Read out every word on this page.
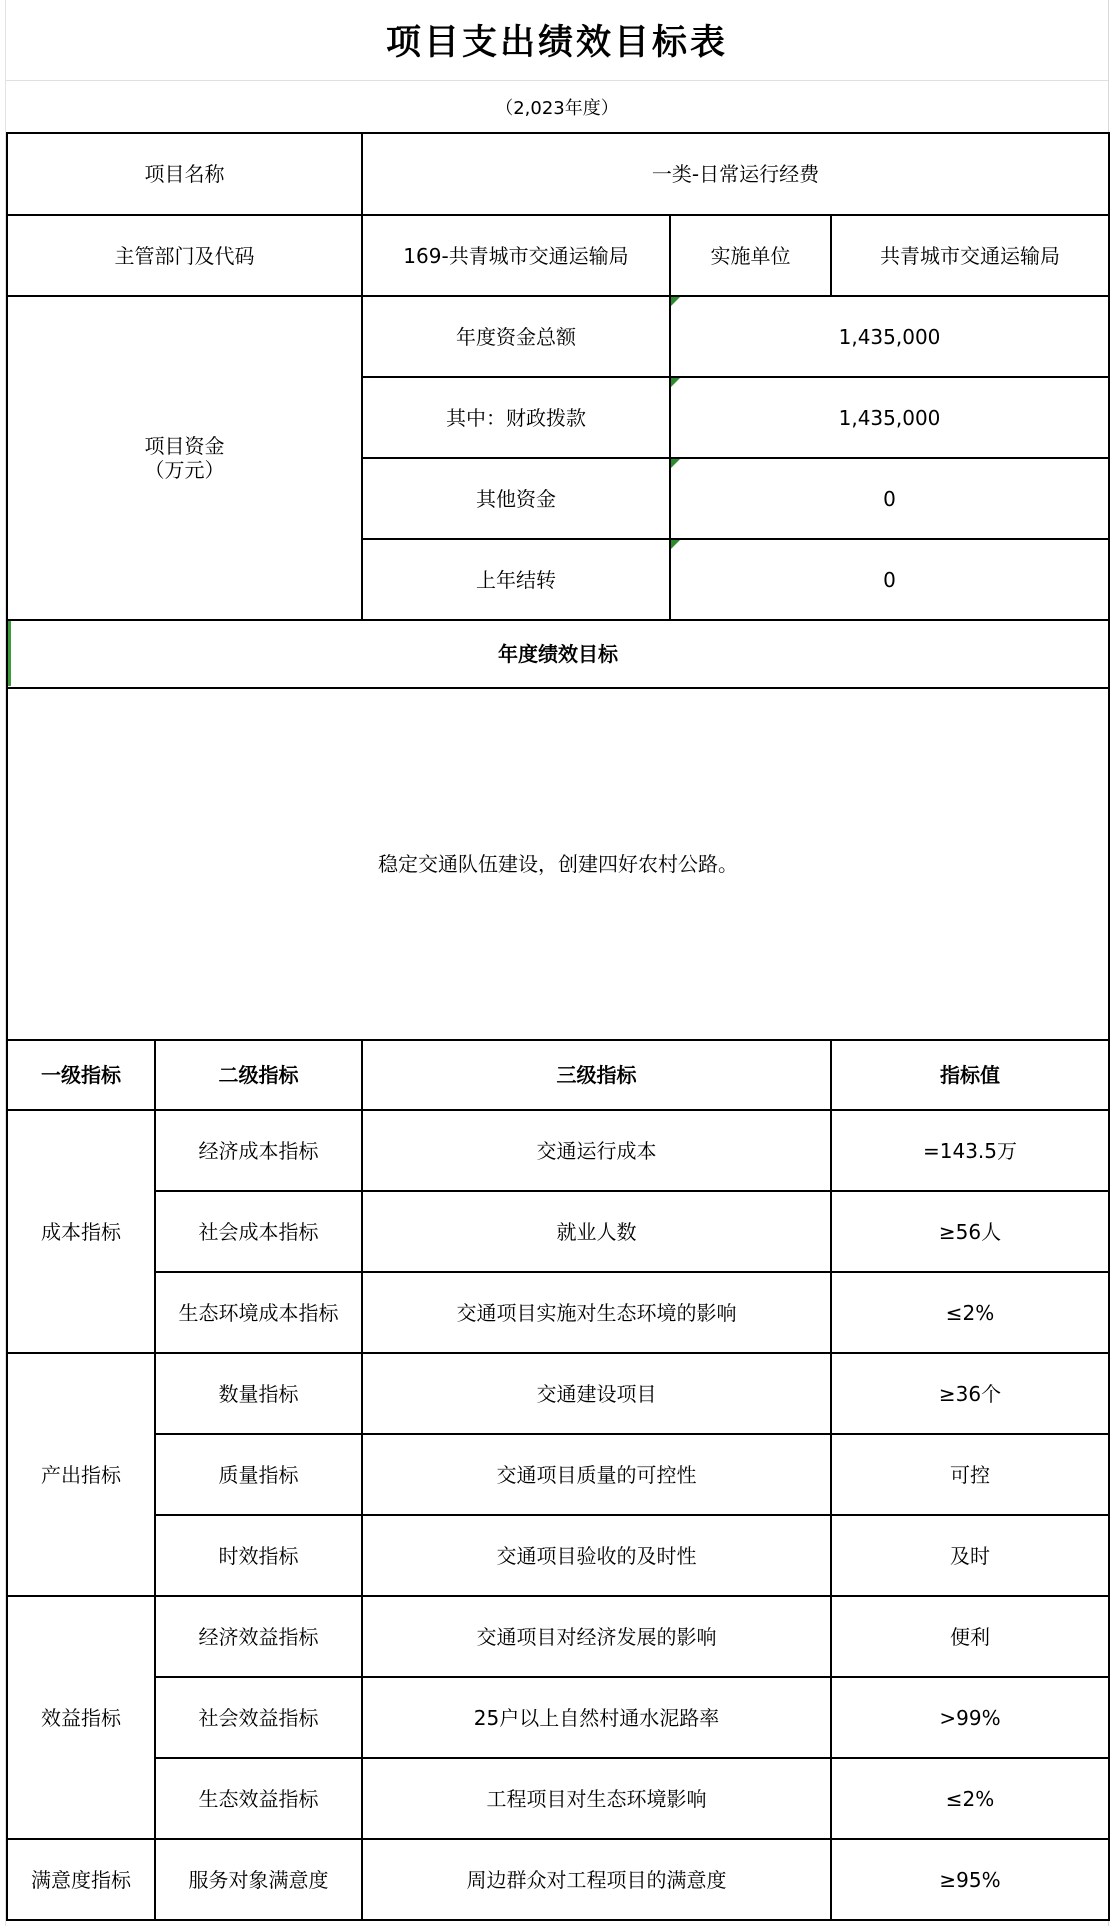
项目支出绩效目标表
（2,023年度）
项目名称		一类-日常运行经费		
主管部门及代码		169-共青城市交通运输局	实施单位	共青城市交通运输局
项目资金
（万元）		年度资金总额	1,435,000	
		其中：财政拨款	1,435,000	
		其他资金	0	
		上年结转	0	
年度绩效目标				
稳定交通队伍建设，创建四好农村公路。				
一级指标	二级指标	三级指标		指标值
成本指标	经济成本指标	交通运行成本		=143.5万
	社会成本指标	就业人数		≥56人
	生态环境成本指标	交通项目实施对生态环境的影响		≤2%
产出指标	数量指标	交通建设项目		≥36个
	质量指标	交通项目质量的可控性		可控
	时效指标	交通项目验收的及时性		及时
效益指标	经济效益指标	交通项目对经济发展的影响		便利
	社会效益指标	25户以上自然村通水泥路率		>99%
	生态效益指标	工程项目对生态环境影响		≤2%
满意度指标	服务对象满意度	周边群众对工程项目的满意度		≥95%
